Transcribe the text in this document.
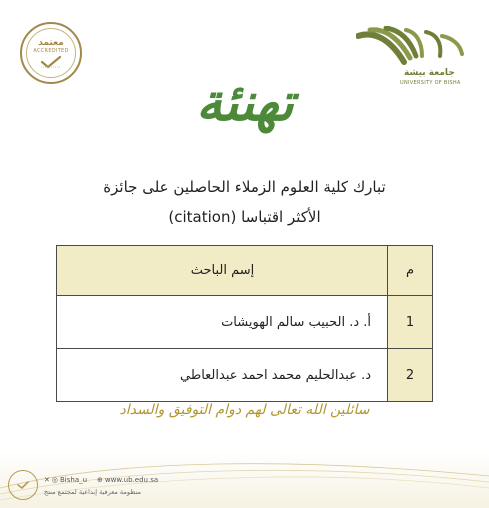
معتمد
ACCREDITED
جامعة بيشة
UNIVERSITY OF BISHA
تهنئة
تبارك كلية العلوم الزملاء الحاصلين على جائزة
الأكثر اقتباسا (citation)
م	إسم الباحث
1	أ. د. الحبيب سالم الهويشات
2	د. عبدالحليم محمد احمد عبدالعاطي
سائلين الله تعالى لهم دوام التوفيق والسداد
✕ ◎ Bisha_u ⊕ www.ub.edu.sa
منظومة معرفية إبداعية لمجتمع منتج
